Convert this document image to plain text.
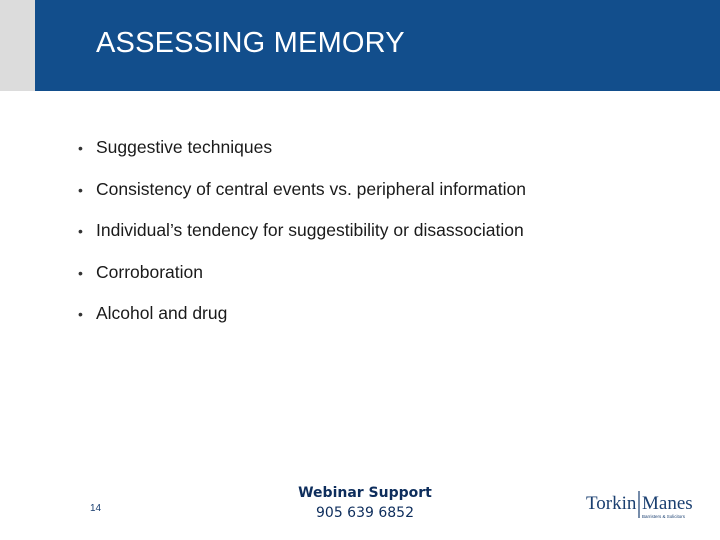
ASSESSING MEMORY
• Suggestive techniques
• Consistency of central events vs. peripheral information
• Individual’s tendency for suggestibility or disassociation
• Corroboration
• Alcohol and drug
14
Webinar Support
905 639 6852	Torkin Manes
Barristers & Solicitors
